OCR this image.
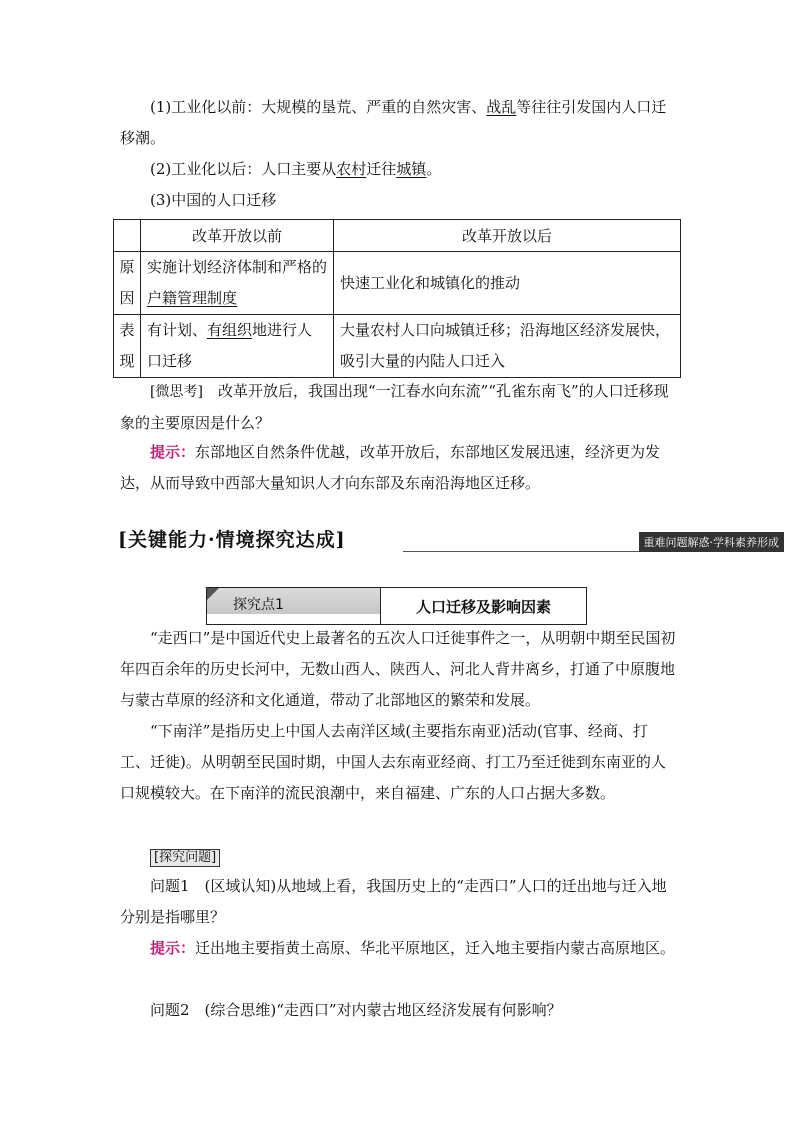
(1)工业化以前：大规模的垦荒、严重的自然灾害、战乱等往往引发国内人口迁移潮。

(2)工业化以后：人口主要从农村迁往城镇。

(3)中国的人口迁移

	改革开放以前	改革开放以后
原
因	实施计划经济体制和严格的户籍管理制度	快速工业化和城镇化的推动
表
现	有计划、有组织地进行人口迁移	大量农村人口向城镇迁移；沿海地区经济发展快，吸引大量的内陆人口迁入

[微思考]　 改革开放后，我国出现“一江春水向东流”“孔雀东南飞”的人口迁移现象的主要原因是什么？

提示：东部地区自然条件优越，改革开放后，东部地区发展迅速，经济更为发达，从而导致中西部大量知识人才向东部及东南沿海地区迁移。

[关键能力·情境探究达成]	重难问题解惑·学科素养形成
探究点1	人口迁移及影响因素

“走西口”是中国近代史上最著名的五次人口迁徙事件之一，从明朝中期至民国初年四百余年的历史长河中，无数山西人、陕西人、河北人背井离乡，打通了中原腹地与蒙古草原的经济和文化通道，带动了北部地区的繁荣和发展。

“下南洋”是指历史上中国人去南洋区域(主要指东南亚)活动(官事、经商、打工、迁徙)。从明朝至民国时期，中国人去东南亚经商、打工乃至迁徙到东南亚的人口规模较大。在下南洋的流民浪潮中，来自福建、广东的人口占据大多数。

[探究问题]

问题1　(区域认知)从地域上看，我国历史上的“走西口”人口的迁出地与迁入地分别是指哪里？

提示：迁出地主要指黄土高原、华北平原地区，迁入地主要指内蒙古高原地区。

问题2　(综合思维)“走西口”对内蒙古地区经济发展有何影响？
